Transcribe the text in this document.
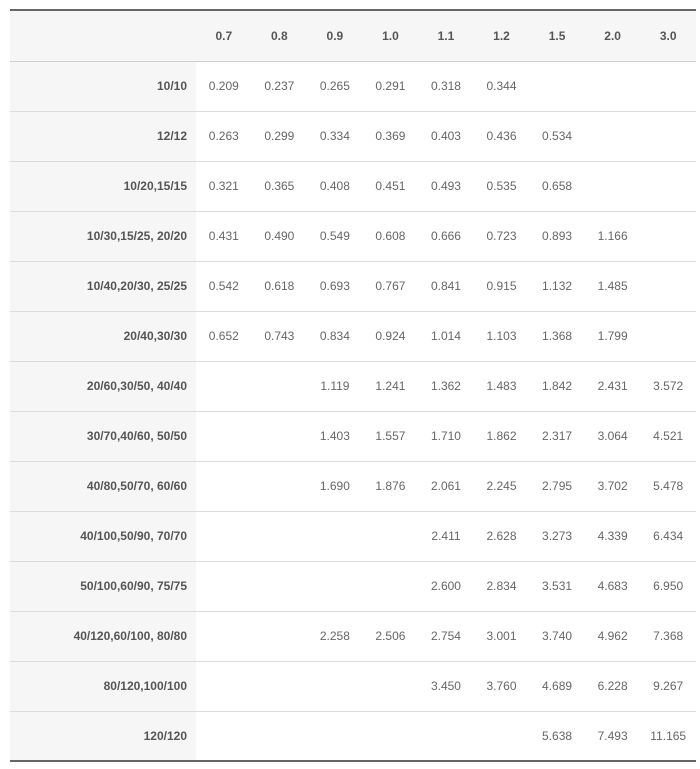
	0.7	0.8	0.9	1.0	1.1	1.2	1.5	2.0	3.0
10/10	0.209	0.237	0.265	0.291	0.318	0.344			
12/12	0.263	0.299	0.334	0.369	0.403	0.436	0.534		
10/20,15/15	0.321	0.365	0.408	0.451	0.493	0.535	0.658		
10/30,15/25, 20/20	0.431	0.490	0.549	0.608	0.666	0.723	0.893	1.166	
10/40,20/30, 25/25	0.542	0.618	0.693	0.767	0.841	0.915	1.132	1.485	
20/40,30/30	0.652	0.743	0.834	0.924	1.014	1.103	1.368	1.799	
20/60,30/50, 40/40			1.119	1.241	1.362	1.483	1.842	2.431	3.572
30/70,40/60, 50/50			1.403	1.557	1.710	1.862	2.317	3.064	4.521
40/80,50/70, 60/60			1.690	1.876	2.061	2.245	2.795	3.702	5.478
40/100,50/90, 70/70					2.411	2.628	3.273	4.339	6.434
50/100,60/90, 75/75					2.600	2.834	3.531	4.683	6.950
40/120,60/100, 80/80			2.258	2.506	2.754	3.001	3.740	4.962	7.368
80/120,100/100					3.450	3.760	4.689	6.228	9.267
120/120							5.638	7.493	11.165
